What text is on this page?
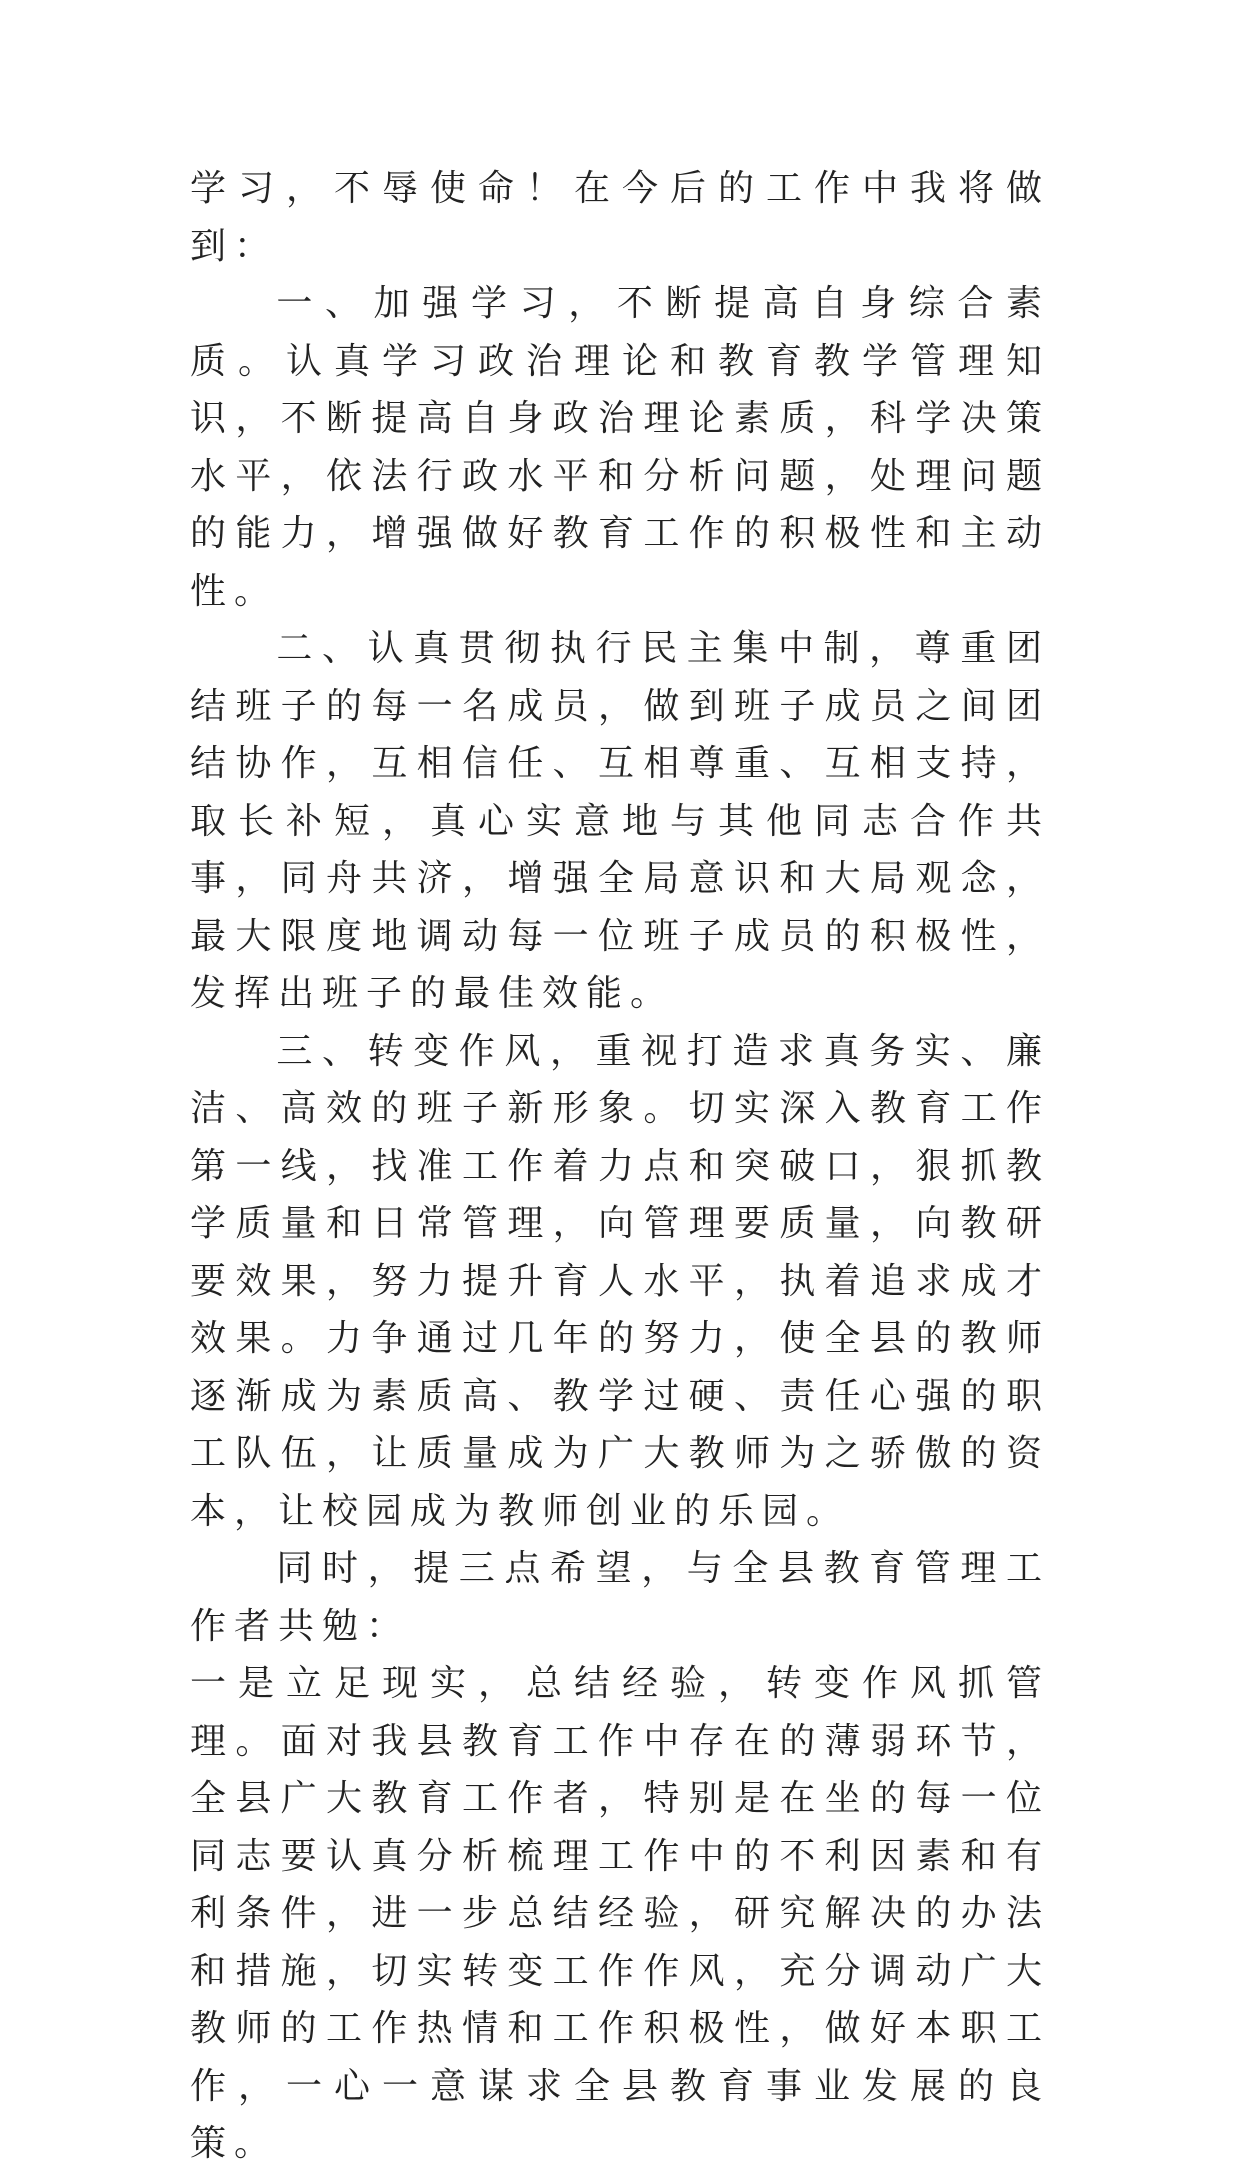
学习，不辱使命！在今后的工作中我将做到：

一、加强学习，不断提高自身综合素质。认真学习政治理论和教育教学管理知识，不断提高自身政治理论素质，科学决策水平，依法行政水平和分析问题，处理问题的能力，增强做好教育工作的积极性和主动性。

二、认真贯彻执行民主集中制，尊重团结班子的每一名成员，做到班子成员之间团结协作，互相信任、互相尊重、互相支持，取长补短，真心实意地与其他同志合作共事，同舟共济，增强全局意识和大局观念，最大限度地调动每一位班子成员的积极性，发挥出班子的最佳效能。

三、转变作风，重视打造求真务实、廉洁、高效的班子新形象。切实深入教育工作第一线，找准工作着力点和突破口，狠抓教学质量和日常管理，向管理要质量，向教研要效果，努力提升育人水平，执着追求成才效果。力争通过几年的努力，使全县的教师逐渐成为素质高、教学过硬、责任心强的职工队伍，让质量成为广大教师为之骄傲的资本，让校园成为教师创业的乐园。

同时，提三点希望，与全县教育管理工作者共勉：

一是立足现实，总结经验，转变作风抓管理。面对我县教育工作中存在的薄弱环节，全县广大教育工作者，特别是在坐的每一位同志要认真分析梳理工作中的不利因素和有利条件，进一步总结经验，研究解决的办法和措施，切实转变工作作风，充分调动广大教师的工作热情和工作积极性，做好本职工作，一心一意谋求全县教育事业发展的良策。
